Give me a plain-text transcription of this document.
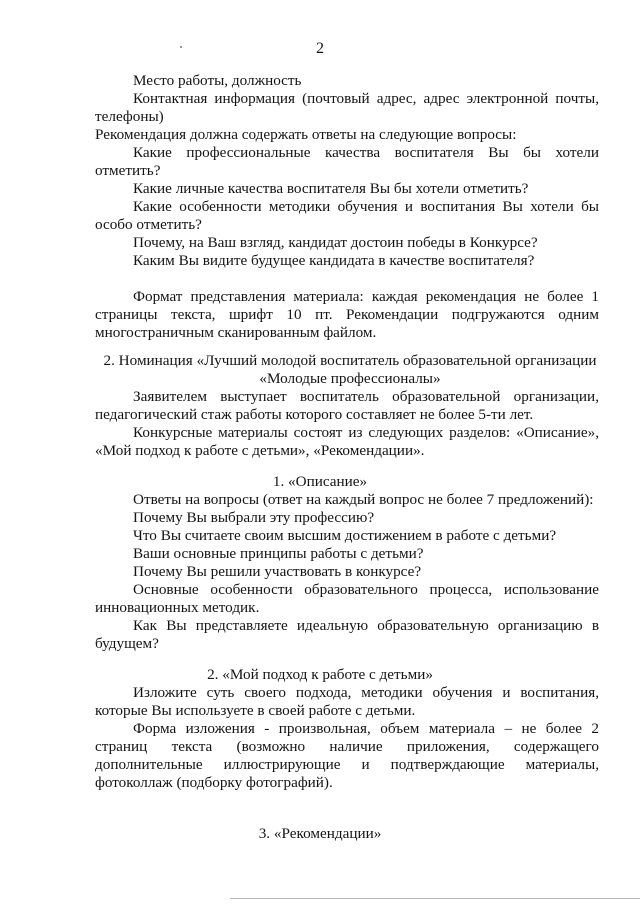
2
Место работы, должность
Контактная информация (почтовый адрес, адрес электронной почты,
телефоны)
Рекомендация должна содержать ответы на следующие вопросы:
Какие профессиональные качества воспитателя Вы бы хотели
отметить?
Какие личные качества воспитателя Вы бы хотели отметить?
Какие особенности методики обучения и воспитания Вы хотели бы
особо отметить?
Почему, на Ваш взгляд, кандидат достоин победы в Конкурсе?
Каким Вы видите будущее кандидата в качестве воспитателя?
Формат представления материала: каждая рекомендация не более 1
страницы текста, шрифт 10 пт. Рекомендации подгружаются одним
многостраничным сканированным файлом.
2. Номинация «Лучший молодой воспитатель образовательной организации
«Молодые профессионалы»
Заявителем выступает воспитатель образовательной организации,
педагогический стаж работы которого составляет не более 5-ти лет.
Конкурсные материалы состоят из следующих разделов: «Описание»,
«Мой подход к работе с детьми», «Рекомендации».
1. «Описание»
Ответы на вопросы (ответ на каждый вопрос не более 7 предложений):
Почему Вы выбрали эту профессию?
Что Вы считаете своим высшим достижением в работе с детьми?
Ваши основные принципы работы с детьми?
Почему Вы решили участвовать в конкурсе?
Основные особенности образовательного процесса, использование
инновационных методик.
Как Вы представляете идеальную образовательную организацию в
будущем?
2. «Мой подход к работе с детьми»
Изложите суть своего подхода, методики обучения и воспитания,
которые Вы используете в своей работе с детьми.
Форма изложения - произвольная, объем материала – не более 2
страниц текста (возможно наличие приложения, содержащего
дополнительные иллюстрирующие и подтверждающие материалы,
фотоколлаж (подборку фотографий).
3. «Рекомендации»
